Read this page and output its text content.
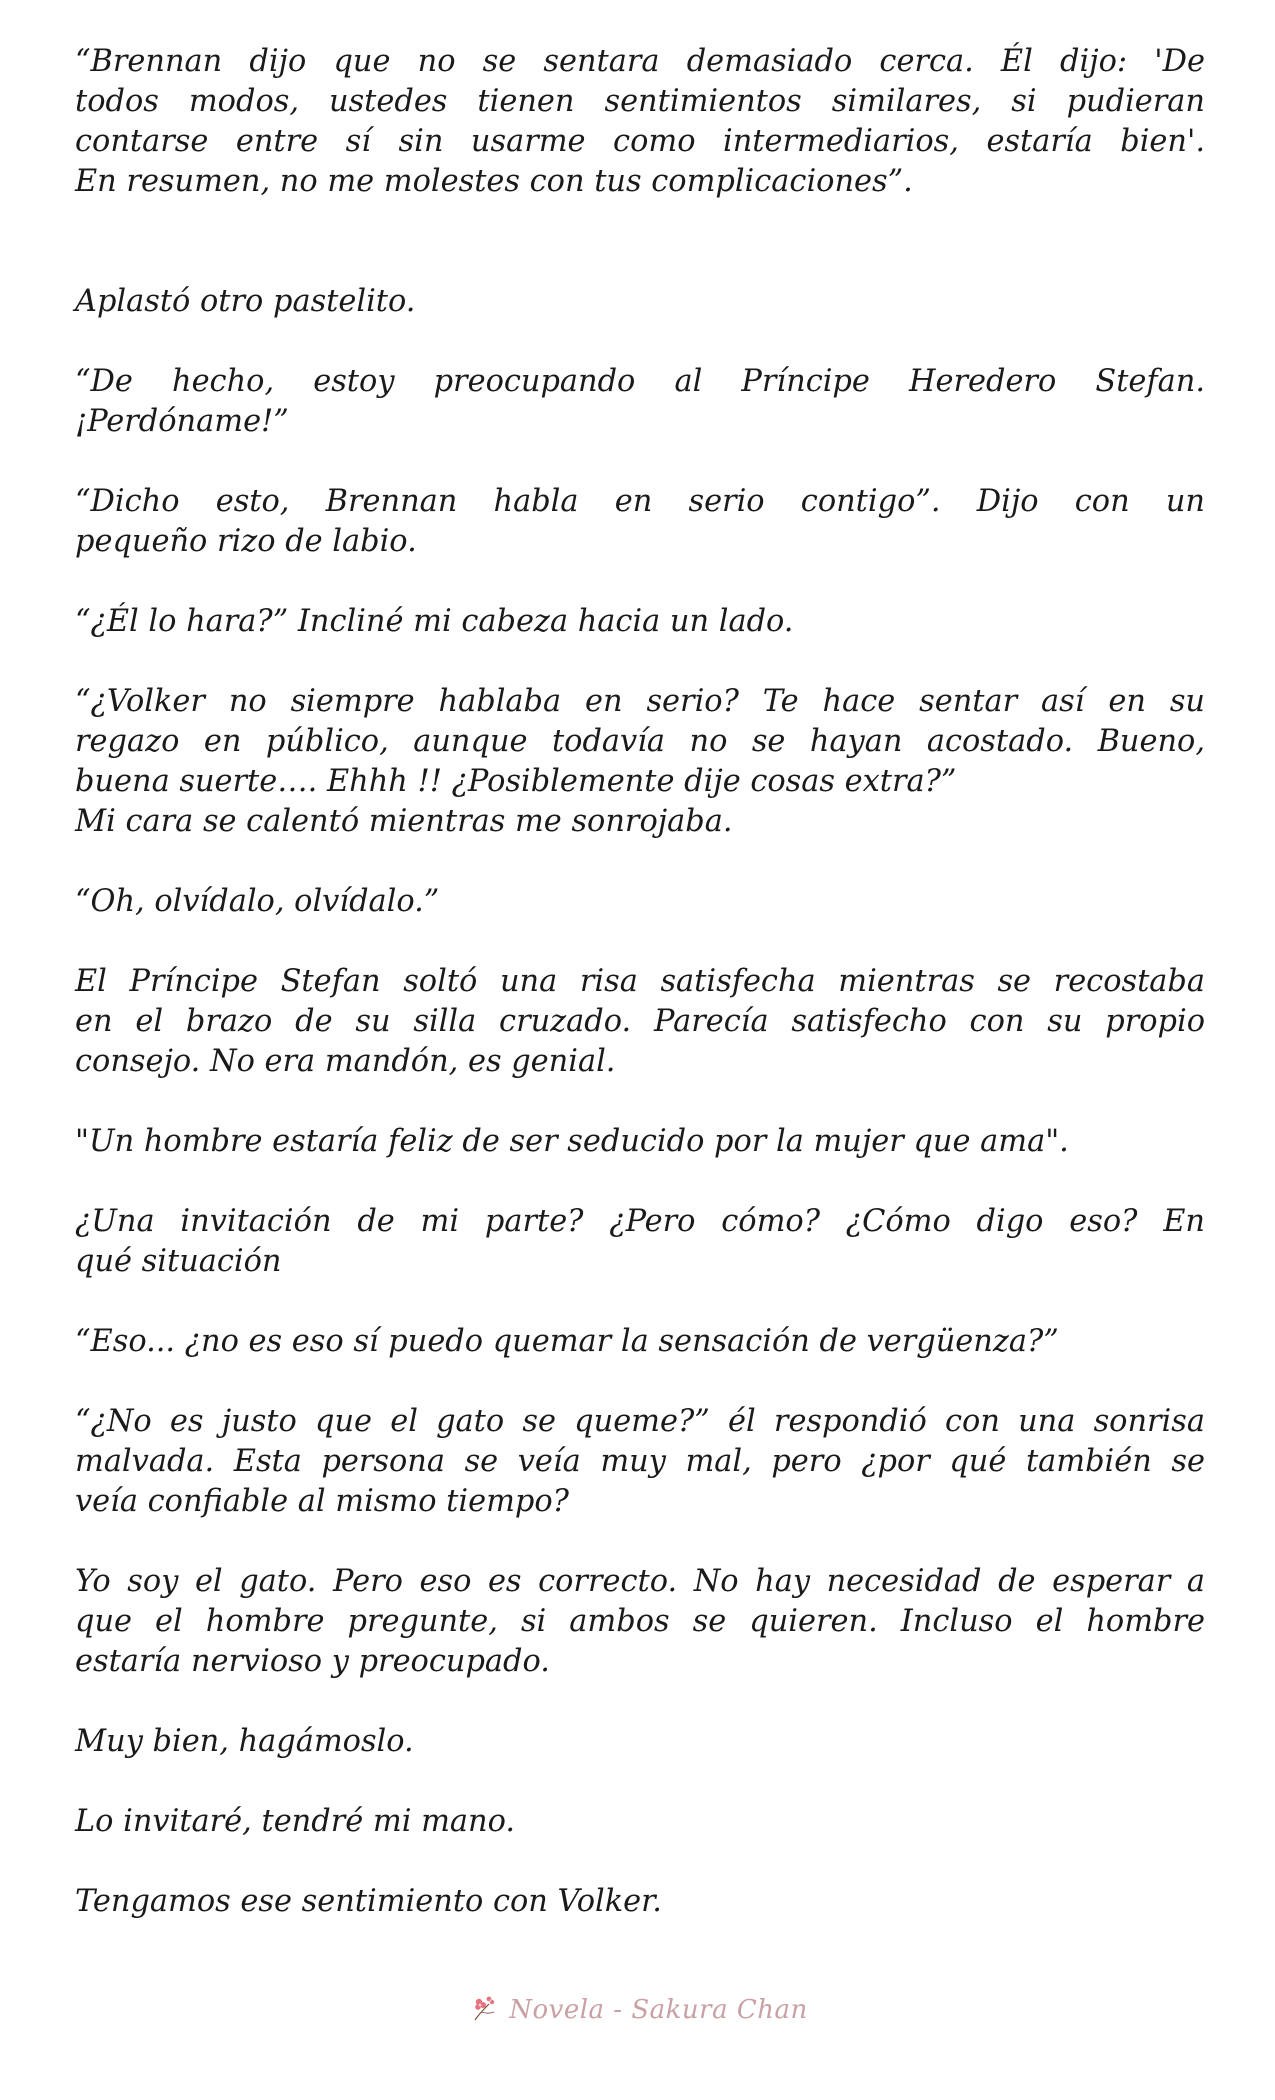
“Brennan dijo que no se sentara demasiado cerca. Él dijo: 'De
todos modos, ustedes tienen sentimientos similares, si pudieran
contarse entre sí sin usarme como intermediarios, estaría bien'.
En resumen, no me molestes con tus complicaciones”.
Aplastó otro pastelito.
“De hecho, estoy preocupando al Príncipe Heredero Stefan.
¡Perdóname!”
“Dicho esto, Brennan habla en serio contigo”. Dijo con un
pequeño rizo de labio.
“¿Él lo hara?” Incliné mi cabeza hacia un lado.
“¿Volker no siempre hablaba en serio? Te hace sentar así en su
regazo en público, aunque todavía no se hayan acostado. Bueno,
buena suerte…. Ehhh !! ¿Posiblemente dije cosas extra?”
Mi cara se calentó mientras me sonrojaba.
“Oh, olvídalo, olvídalo.”
El Príncipe Stefan soltó una risa satisfecha mientras se recostaba
en el brazo de su silla cruzado. Parecía satisfecho con su propio
consejo. No era mandón, es genial.
"Un hombre estaría feliz de ser seducido por la mujer que ama".
¿Una invitación de mi parte? ¿Pero cómo? ¿Cómo digo eso? En
qué situación
“Eso... ¿no es eso sí puedo quemar la sensación de vergüenza?”
“¿No es justo que el gato se queme?” él respondió con una sonrisa
malvada. Esta persona se veía muy mal, pero ¿por qué también se
veía confiable al mismo tiempo?
Yo soy el gato. Pero eso es correcto. No hay necesidad de esperar a
que el hombre pregunte, si ambos se quieren. Incluso el hombre
estaría nervioso y preocupado.
Muy bien, hagámoslo.
Lo invitaré, tendré mi mano.
Tengamos ese sentimiento con Volker.
Novela - Sakura Chan
